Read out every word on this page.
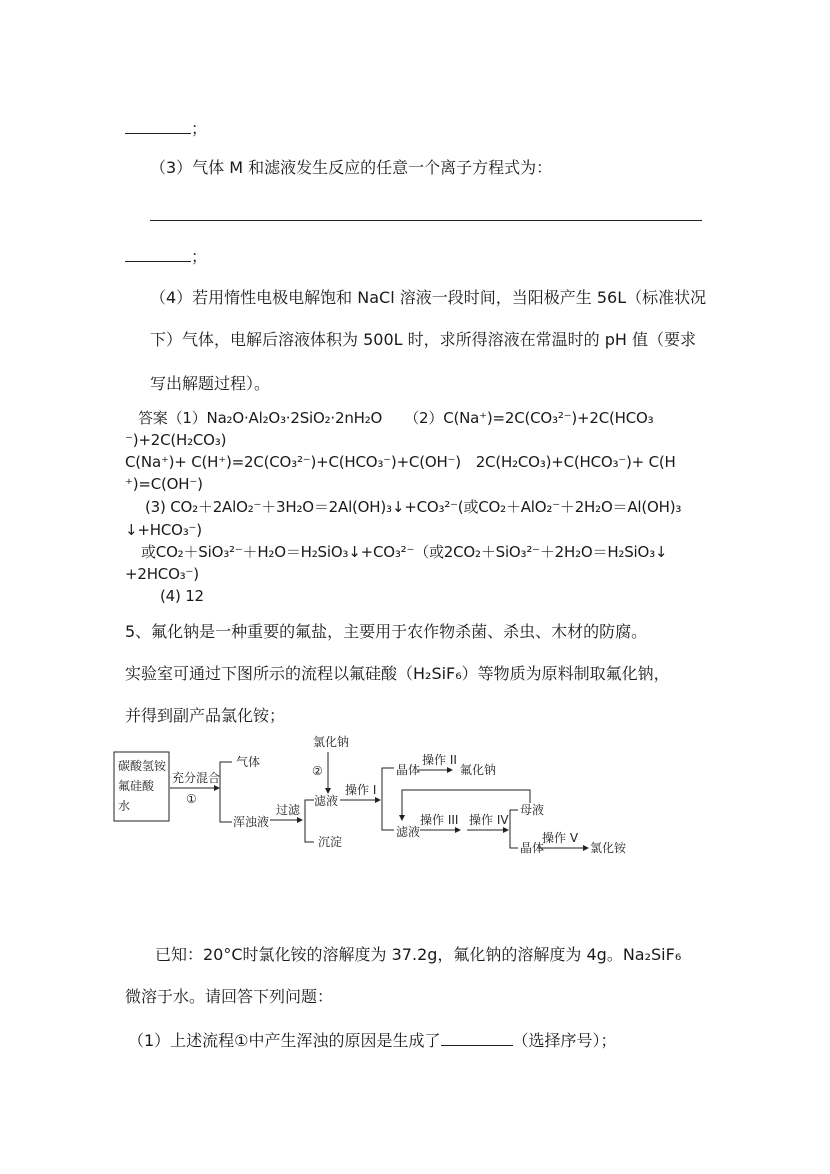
；
（3）气体 M 和滤液发生反应的任意一个离子方程式为：
；
（4）若用惰性电极电解饱和 NaCl 溶液一段时间，当阳极产生 56L（标准状况
下）气体，电解后溶液体积为 500L 时，求所得溶液在常温时的 pH 值（要求
写出解题过程）。
答案（1）Na₂O·Al₂O₃·2SiO₂·2nH₂O　　（2）C(Na⁺)=2C(CO₃²⁻)+2C(HCO₃
⁻)+2C(H₂CO₃)
C(Na⁺)+ C(H⁺)=2C(CO₃²⁻)+C(HCO₃⁻)+C(OH⁻)　2C(H₂CO₃)+C(HCO₃⁻)+ C(H
⁺)=C(OH⁻)
(3) CO₂＋2AlO₂⁻＋3H₂O＝2Al(OH)₃↓+CO₃²⁻(或CO₂＋AlO₂⁻＋2H₂O＝Al(OH)₃
↓+HCO₃⁻)
或CO₂＋SiO₃²⁻＋H₂O＝H₂SiO₃↓+CO₃²⁻（或2CO₂＋SiO₃²⁻＋2H₂O＝H₂SiO₃↓
+2HCO₃⁻)
(4) 12
5、氟化钠是一种重要的氟盐，主要用于农作物杀菌、杀虫、木材的防腐。
实验室可通过下图所示的流程以氟硅酸（H₂SiF₆）等物质为原料制取氟化钠，
并得到副产品氯化铵；
碳酸氢铵
氟硅酸
水
充分混合
①
气体
浑浊液
过滤
氯化钠
②
滤液
沉淀
操作 I
晶体
操作 II
氟化钠
滤液
操作 III 操作 IV
母液
晶体
操作 V
氯化铵
已知：20°C时氯化铵的溶解度为 37.2g，氟化钠的溶解度为 4g。Na₂SiF₆
微溶于水。请回答下列问题：
（1）上述流程①中产生浑浊的原因是生成了	（选择序号）；
